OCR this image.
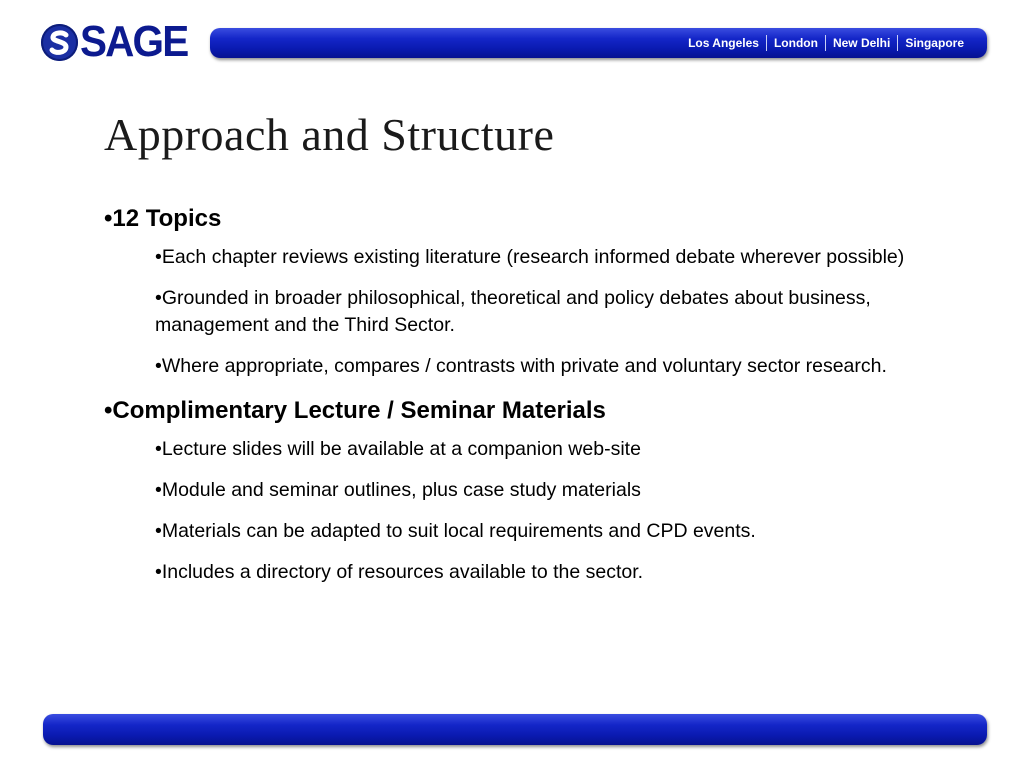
SAGE	Los Angeles	London	New Delhi	Singapore
Approach and Structure

•12 Topics

•Each chapter reviews existing literature (research informed debate wherever possible)
•Grounded in broader philosophical, theoretical and policy debates about business, management and the Third Sector.
•Where appropriate, compares / contrasts with private and voluntary sector research.

•Complimentary Lecture / Seminar Materials

•Lecture slides will be available at a companion web-site
•Module and seminar outlines, plus case study materials
•Materials can be adapted to suit local requirements and CPD events.
•Includes a directory of resources available to the sector.
